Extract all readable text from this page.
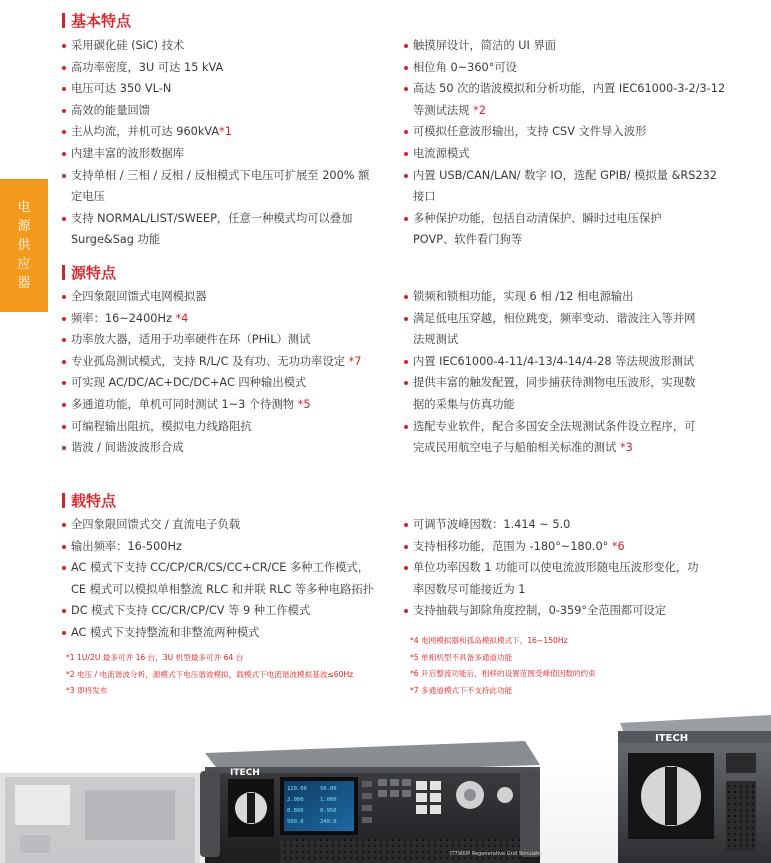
电
源
供
应
器
基本特点
采用碳化硅 (SiC) 技术
高功率密度，3U 可达 15 kVA
电压可达 350 VL-N
高效的能量回馈
主从均流，并机可达 960kVA*1
内建丰富的波形数据库
支持单相 / 三相 / 反相 / 反相模式下电压可扩展至 200% 额
定电压
支持 NORMAL/LIST/SWEEP，任意一种模式均可以叠加
Surge&Sag 功能
触摸屏设计，简洁的 UI 界面
相位角 0~360°可设
高达 50 次的谐波模拟和分析功能，内置 IEC61000-3-2/3-12
等测试法规 *2
可模拟任意波形输出，支持 CSV 文件导入波形
电流源模式
内置 USB/CAN/LAN/ 数字 IO，选配 GPIB/ 模拟量 &RS232
接口
多种保护功能，包括自动清保护、瞬时过电压保护
POVP、软件看门狗等
源特点
全四象限回馈式电网模拟器
频率：16~2400Hz *4
功率放大器，适用于功率硬件在环（PHiL）测试
专业孤岛测试模式，支持 R/L/C 及有功、无功功率设定 *7
可实现 AC/DC/AC+DC/DC+AC 四种输出模式
多通道功能，单机可同时测试 1~3 个待测物 *5
可编程输出阻抗，模拟电力线路阻抗
谐波 / 间谐波波形合成
锁频和锁相功能，实现 6 相 /12 相电源输出
满足低电压穿越，相位跳变，频率变动、谐波注入等并网
法规测试
内置 IEC61000-4-11/4-13/4-14/4-28 等法规波形测试
提供丰富的触发配置，同步捕获待测物电压波形，实现数
据的采集与仿真功能
选配专业软件，配合多国安全法规测试条件设立程序，可
完成民用航空电子与船舶相关标准的测试 *3
载特点
全四象限回馈式交 / 直流电子负载
输出频率：16-500Hz
AC 模式下支持 CC/CP/CR/CS/CC+CR/CE 多种工作模式，
CE 模式可以模拟单相整流 RLC 和并联 RLC 等多种电路拓扑
DC 模式下支持 CC/CR/CP/CV 等 9 种工作模式
AC 模式下支持整流和非整流两种模式
可调节波峰因数：1.414 ~ 5.0
支持相移功能，范围为 -180°~180.0° *6
单位功率因数 1 功能可以使电流波形随电压波形变化，功
率因数尽可能接近为 1
支持抽载与卸除角度控制，0-359°全范围都可设定
*1 1U/2U 最多可并 16 台，3U 机型最多可并 64 台
*2 电压 / 电流谐波分析，源模式下电压谐波模拟，载模式下电流谐波模拟基波≤60Hz
*3 即将发布
*4 电网模拟器和孤岛模拟模式下，16~150Hz
*5 单相机型不具备多通道功能
*6 开启整流功能后，相移的设置范围受峰值因数的约束
*7 多通道模式下不支持此功能
ITECH
120.00 50.00
2.000	1.000
0.800	0.950
500.0	240.0
IT7900P Regenerative Grid Simulator
ITECH
